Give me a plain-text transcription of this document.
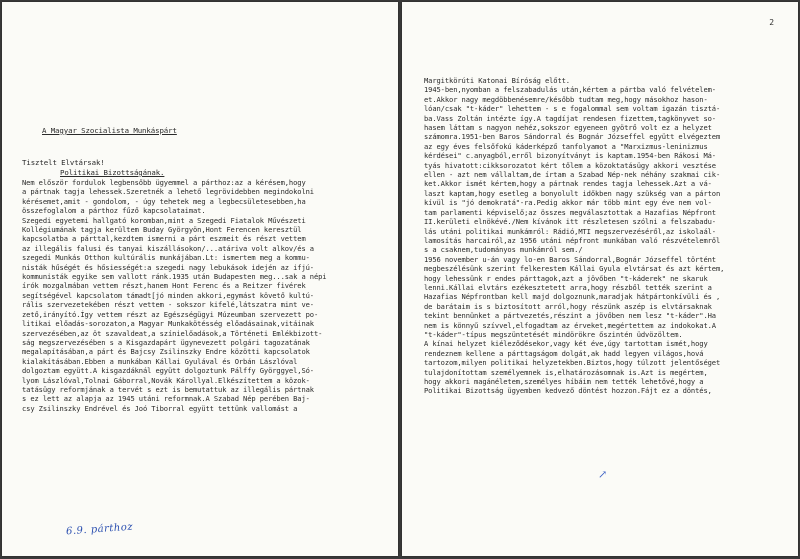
A Magyar Szocialista Munkáspárt

Politikai Bizottságának.

Tisztelt Elvtársak!
Nem először fordulok legbensőbb ügyemmel a párthoz:az a kérésem,hogy
a pártnak tagja lehessek.Szeretnék a lehető legrövidebben megindokolni
kérésemet,amit - gondolom, - úgy tehetek meg a legbecsületesebben,ha
összefoglalom a párthoz fűző kapcsolataimat.
Szegedi egyetemi hallgató koromban,mint a Szegedi Fiatalok Művészeti
Kollégiumának tagja kerültem Buday Györgyön,Hont Ferencen keresztül
kapcsolatba a párttal,kezdtem ismerni a párt eszmeit és részt vettem
az illegális falusi és tanyai kiszállásokon/...atáriva volt alkov/és a
szegedi Munkás Otthon kultúrális munkájában.Lt: ismertem meg a kommu-
nisták hűségét és hősiességét:a szegedi nagy lebukások idején az ifjú-
kommunisták egyike sem vallott ránk.1935 után Budapesten meg...sak a népi
írók mozgalmában vettem részt,hanem Hont Ferenc és a Reitzer fivérek
segítségével kapcsolatom támadt[jó minden akkori,egymást követő kultú-
rális szervezetekében részt vettem - sokszor kifelé,látszatra mint ve-
zető,irányító.Így vettem részt az Egészségügyi Múzeumban szervezett po-
litikai előadás-sorozaton,a Magyar Munkakötésség előadásainak,vitáinak
szervezésében,az öt szavaldeat,a színielőadások,a Történeti Emlékbizott-
ság megszervezésében s a Kisgazdapárt ügynevezett polgári tagozatának
megalapításában,a párt és Bajcsy Zsilinszky Endre közötti kapcsolatok
kialakításában.Ebben a munkában Kállai Gyulával és Orbán Lászlóval
dolgoztam együtt.A kisgazdáknál együtt dolgoztunk Pálffy Györggyel,Só-
lyom Lászlóval,Tolnai Gáborral,Novák Károllyal.Elkészítettem a közok-
tatásügy reformjának a tervét s ezt is bemutattuk az illegális pártnak
s ez lett az alapja az 1945 utáni reformnak.A Szabad Nép perében Baj-
csy Zsilinszky Endrével és Joó Tiborral együtt tettünk vallomást a
6.9. párthoz
2
Margitkörúti Katonai Bíróság előtt.
1945-ben,nyomban a felszabadulás után,kértem a pártba való felvételem-
et.Akkor nagy megdöbbenésemre/később tudtam meg,hogy másokhoz hason-
lóan/csak "t-káder" lehettem - s e fogalommal sem voltam igazán tisztá-
ba.Vass Zoltán intézte így.A tagdíjat rendesen fizettem,tagkönyvet so-
hasem láttam s nagyon nehéz,sokszor egyeneen gyötrő volt ez a helyzet
számomra.1951-ben Baros Sándorral és Bognár Józseffel együtt elvégeztem
az egy éves felsőfokú káderképző tanfolyamot a "Marxizmus-leninizmus
kérdései" c.anyagból,erről bizonyítványt is kaptam.1954-ben Rákosi Má-
tyás hivatott:cikksorozatot kért tőlem a közoktatásügy akkori vesztése
ellen - azt nem vállaltam,de írtam a Szabad Nép-nek néhány szakmai cik-
ket.Akkor ismét kértem,hogy a pártnak rendes tagja lehessek.Azt a vá-
laszt kaptam,hogy esetleg a bonyolult időkben nagy szükség van a párton
kívül is "jó demokratá"-ra.Pedig akkor már több mint egy éve nem vol-
tam parlamenti képviselő;az összes megválasztottak a Hazafias Népfront
II.kerületi elnökévé./Nem kívánok itt részletesen szólni a felszabadu-
lás utáni politikai munkámról: Rádió,MTI megszervezéséről,az iskolaál-
lamosítás harcairól,az 1956 utáni népfront munkában való részvételemről
s a csaknem,tudományos munkámról sem./
1956 november u-án vagy lo-en Baros Sándorral,Bognár Józseffel történt
megbeszélésünk szerint felkerestem Kállai Gyula elvtársat és azt kértem,
hogy lehessünk r endes párttagok,azt a jövőben "t-káderek" ne skaruk
lenni.Kállai elvtárs ezékesztetett arra,hogy részből tették szerint a
Hazafias Népfrontban kell majd dolgoznunk,maradjak hátpártonkívüli és ,
de barátaim is s biztosított arról,hogy részünk aszép is elvtársaknak
tekint bennünket a pártvezetés,részint a jövőben nem lesz "t-káder".Ha
nem is könnyű szívvel,elfogadtam az érveket,megértettem az indokokat.A
"t-káder"-típus megszüntetését mindörökre őszintén üdvözöltem.
A kínai helyzet kiéleződésekor,vagy két éve,úgy tartottam ismét,hogy
rendeznem kellene a párttagságom dolgát,ak hadd legyen világos,hová
tartozom,milyen politikai helyzetekben.Biztos,hogy túlzott jelentőséget
tulajdonítottam személyemnek is,elhatározásomnak is.Azt is megértem,
hogy akkori magánéletem,személyes híbáim nem tették lehetővé,hogy a
Politikai Bizottság ügyemben kedvező döntést hozzon.Fájt ez a döntés,
↗
